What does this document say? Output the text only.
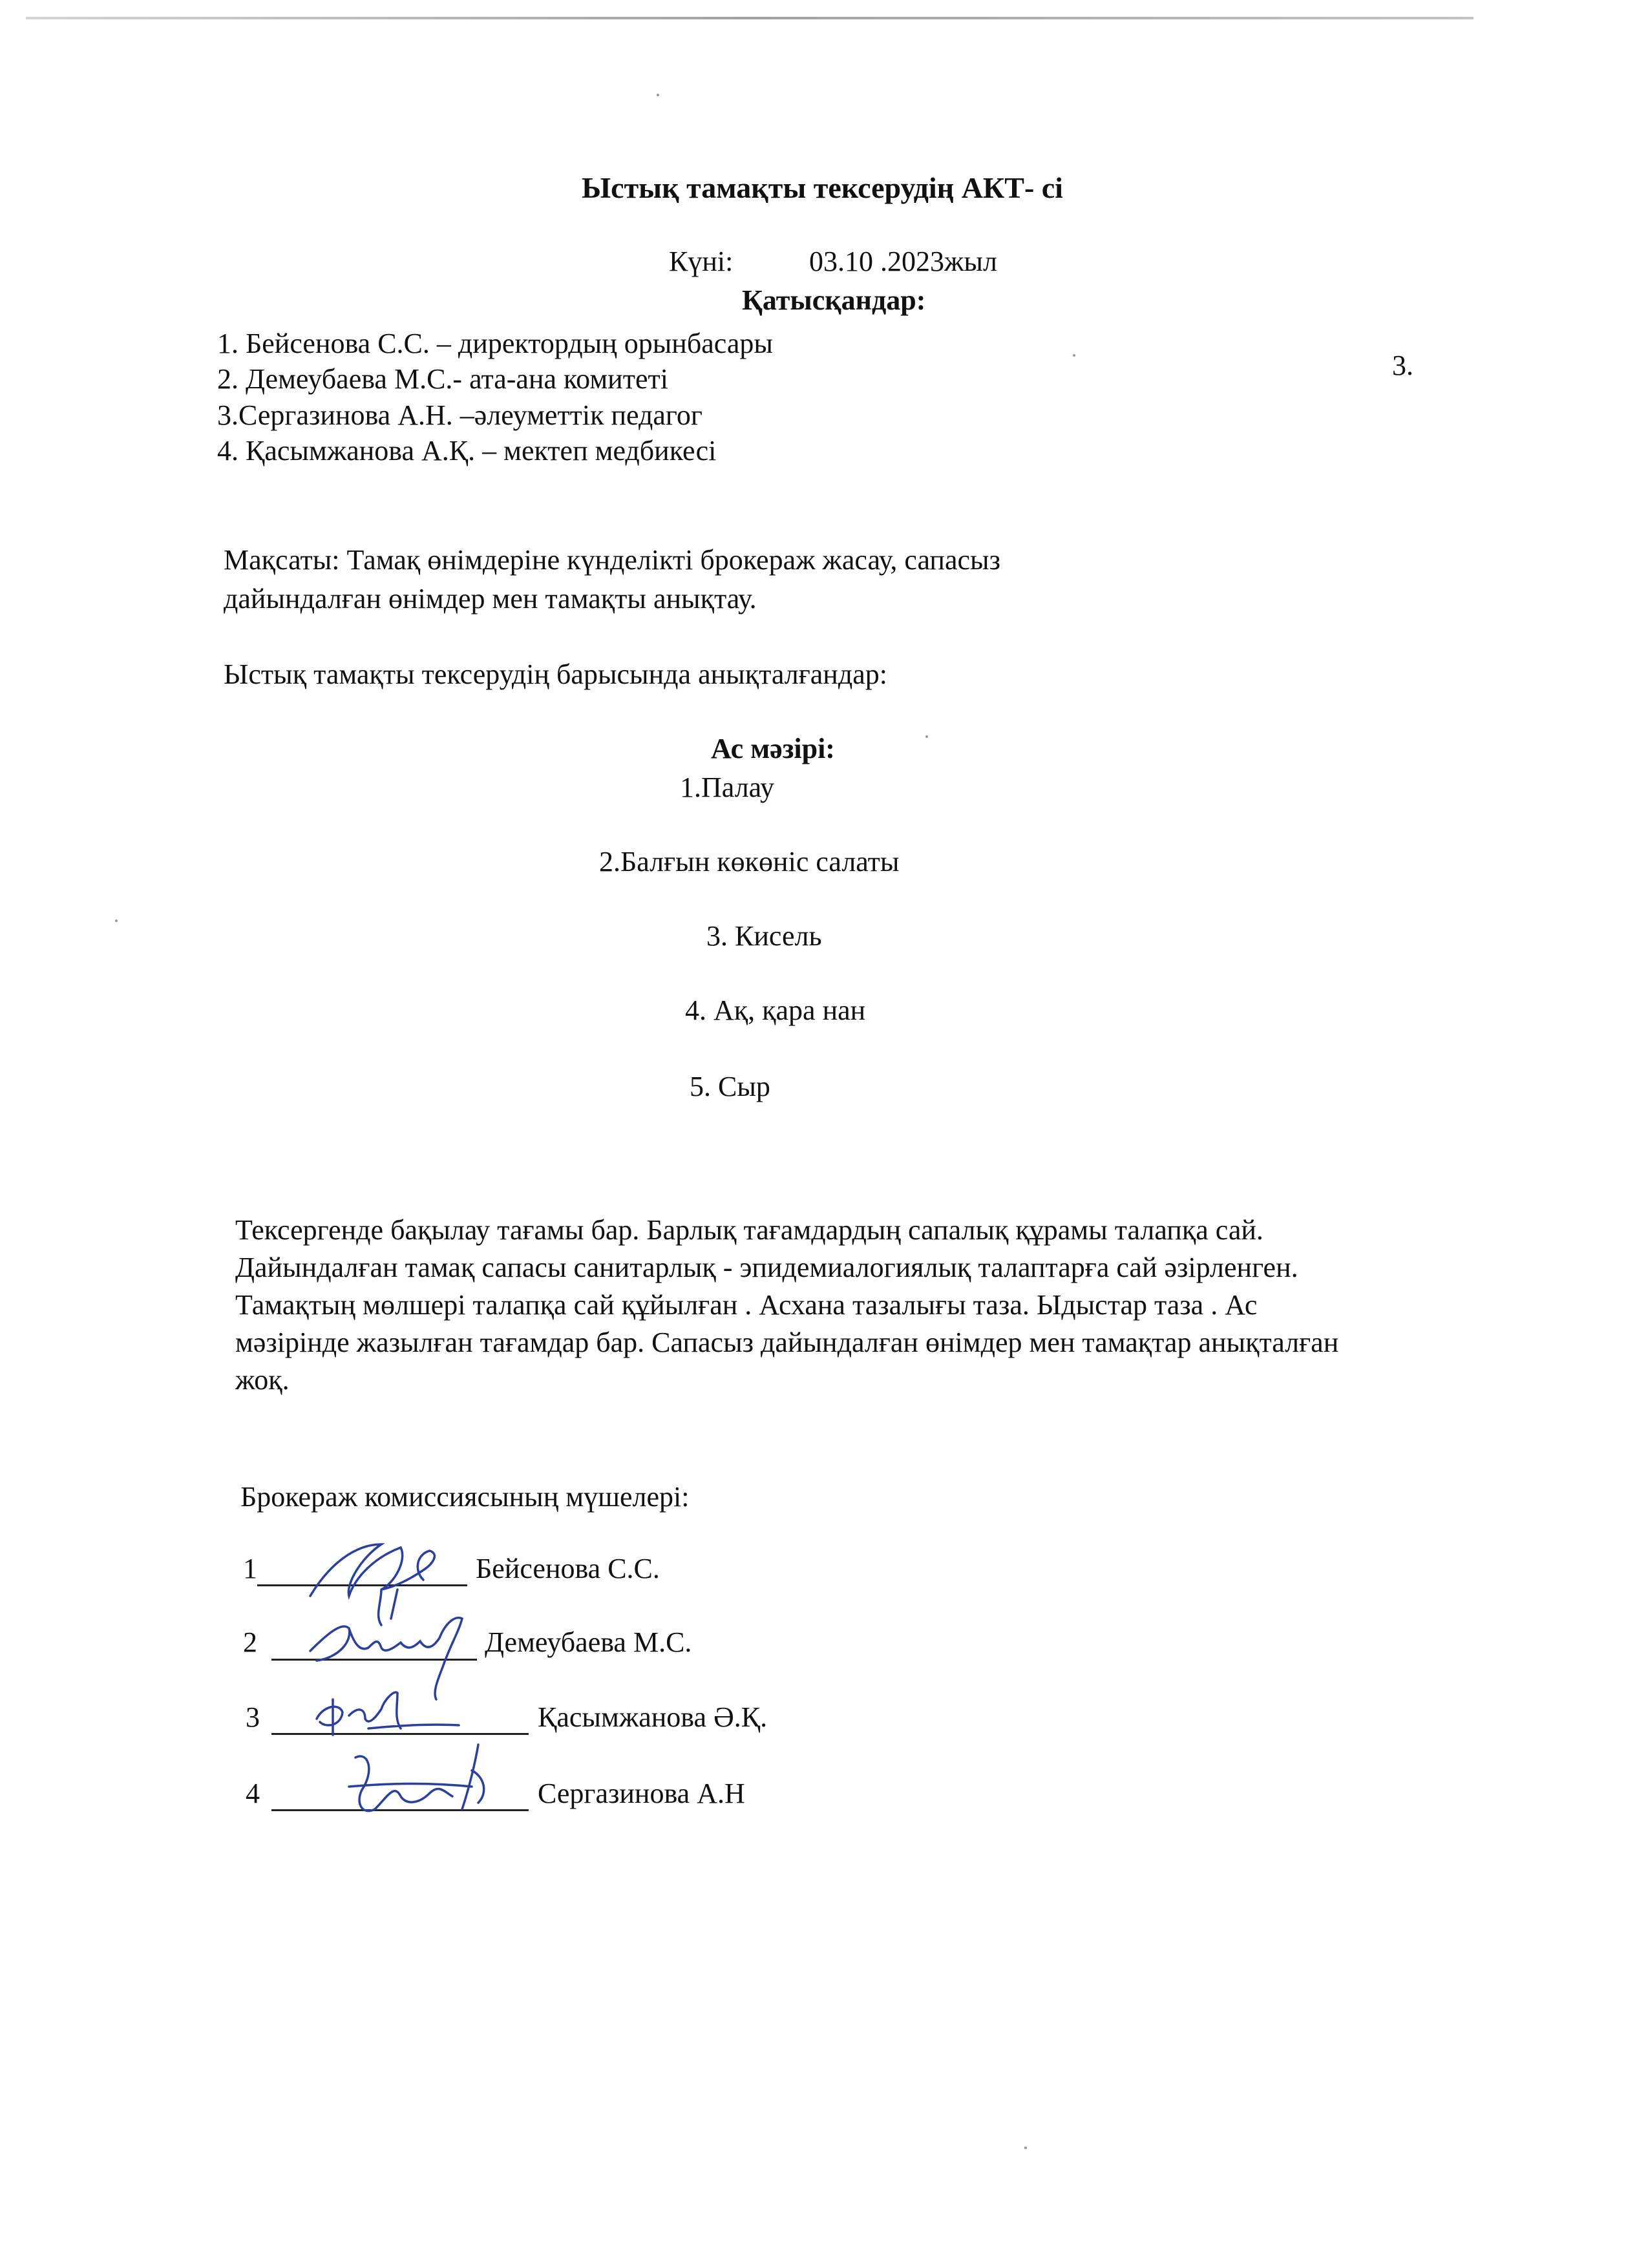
Ыстық тамақты тексерудің АКТ- сі
Күні:	03.10 .2023жыл
Қатысқандар:
1. Бейсенова С.С. – директордың орынбасары
2. Демеубаева М.С.- ата-ана комитеті
3.Сергазинова А.Н. –әлеуметтік педагог
4. Қасымжанова А.Қ. – мектеп медбикесі
3.
Мақсаты: Тамақ өнімдеріне күнделікті брокераж жасау, сапасыз
дайындалған өнімдер мен тамақты анықтау.
Ыстық тамақты тексерудің барысында анықталғандар:
Ас мәзірі:
1.Палау
2.Балғын көкөніс салаты
3. Кисель
4. Ақ, қара нан
5. Сыр
Тексергенде бақылау тағамы бар. Барлық тағамдардың сапалық құрамы талапқа сай.
Дайындалған тамақ сапасы санитарлық - эпидемиалогиялық талаптарға сай әзірленген.
Тамақтың мөлшері талапқа сай құйылған . Асхана тазалығы таза. Ыдыстар таза . Ас
мәзірінде жазылған тағамдар бар. Сапасыз дайындалған өнімдер мен тамақтар анықталған
жоқ.
Брокераж комиссиясының мүшелері:
1	Бейсенова С.С.
2	Демеубаева М.С.
3	Қасымжанова Ә.Қ.
4	Сергазинова А.Н
